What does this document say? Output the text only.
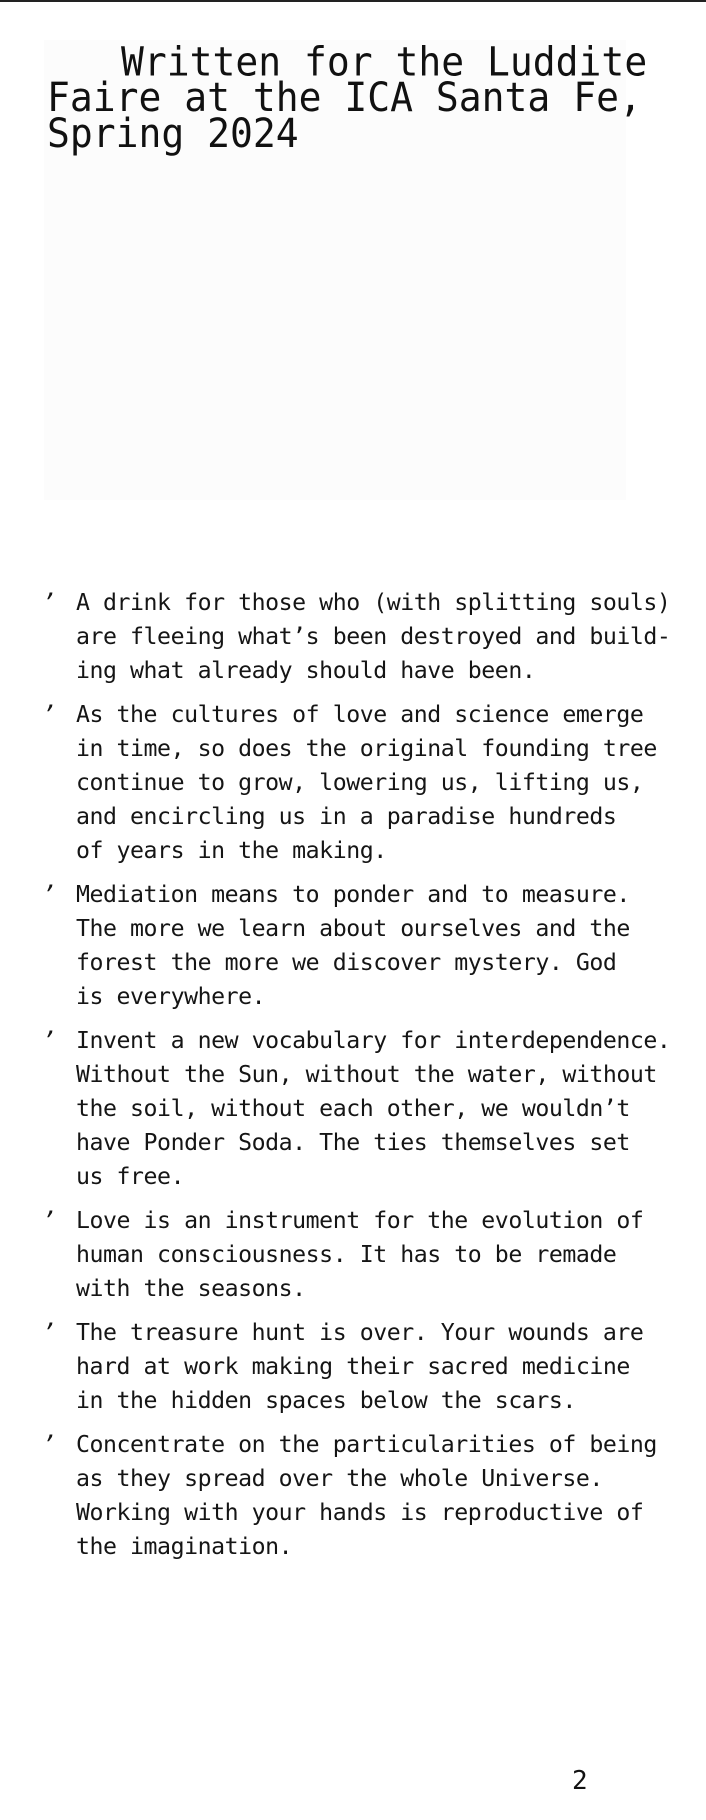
Written for the Luddite
Faire at the ICA Santa Fe,
Spring 2024
’ A drink for those who (with splitting souls)
are fleeing what’s been destroyed and build-
ing what already should have been.
’ As the cultures of love and science emerge
in time, so does the original founding tree
continue to grow, lowering us, lifting us,
and encircling us in a paradise hundreds
of years in the making.
’ Mediation means to ponder and to measure.
The more we learn about ourselves and the
forest the more we discover mystery. God
is everywhere.
’ Invent a new vocabulary for interdependence.
Without the Sun, without the water, without
the soil, without each other, we wouldn’t
have Ponder Soda. The ties themselves set
us free.
’ Love is an instrument for the evolution of
human consciousness. It has to be remade
with the seasons.
’ The treasure hunt is over. Your wounds are
hard at work making their sacred medicine
in the hidden spaces below the scars.
’ Concentrate on the particularities of being
as they spread over the whole Universe.
Working with your hands is reproductive of
the imagination.
2
